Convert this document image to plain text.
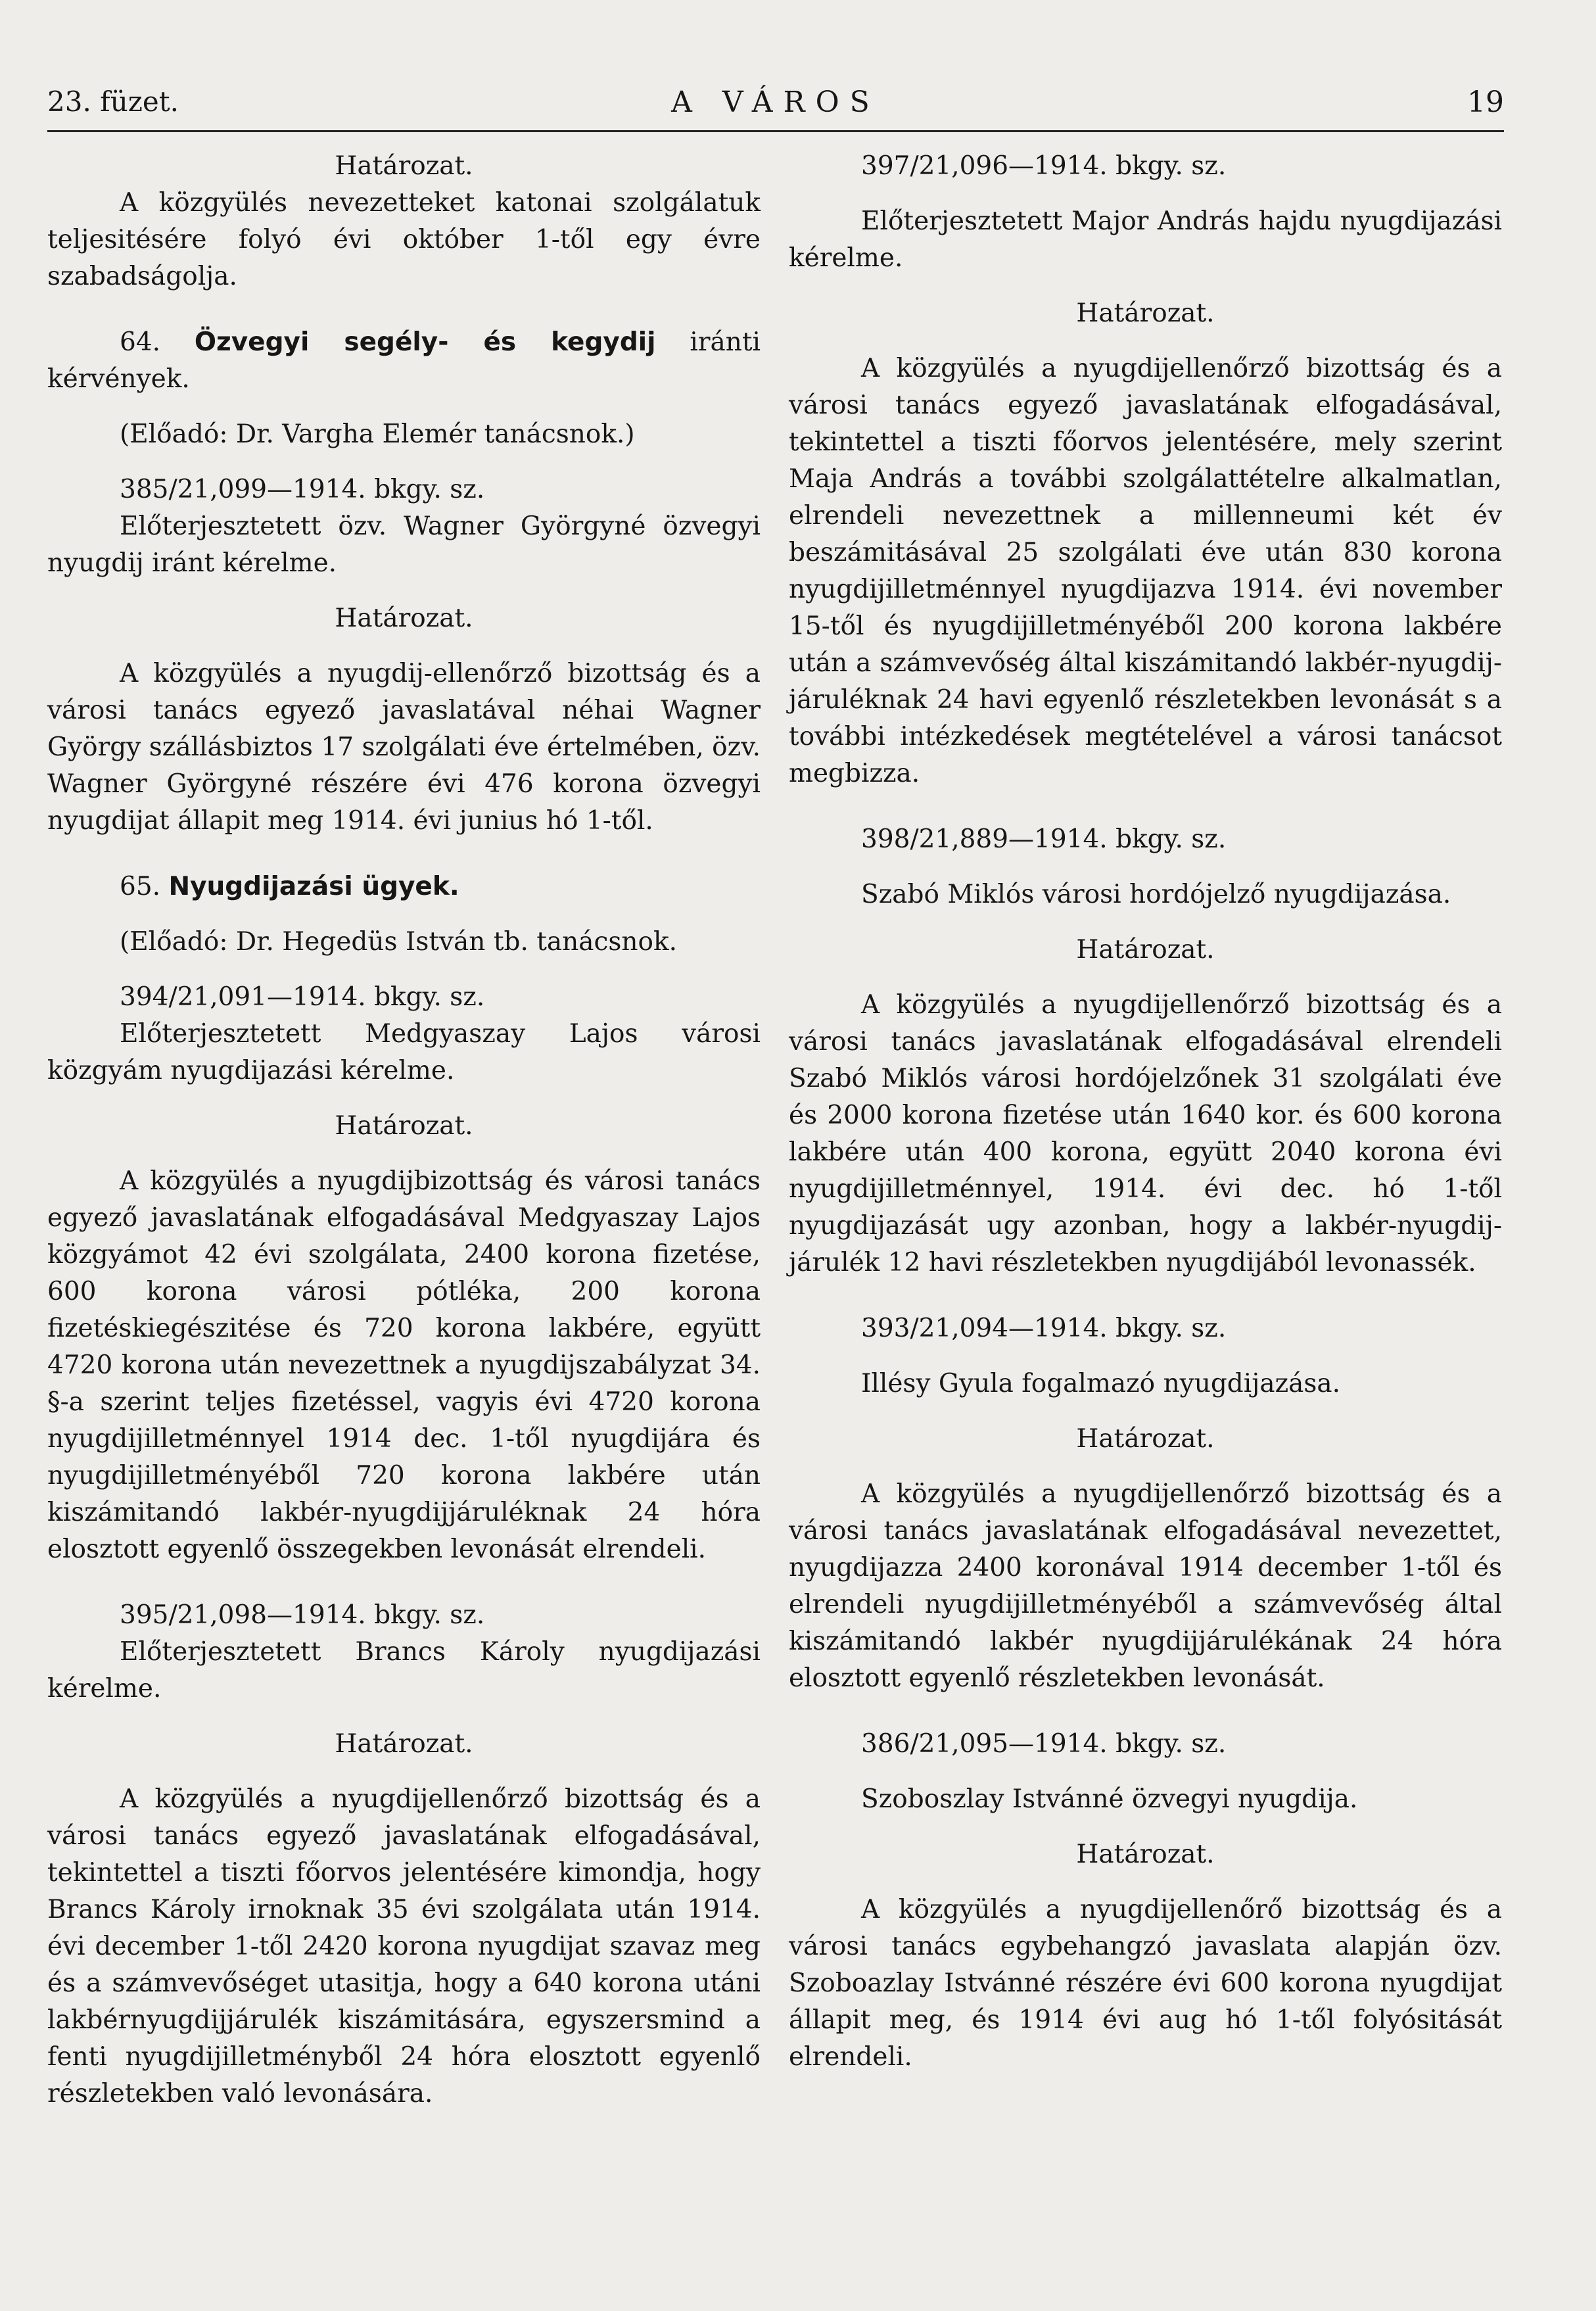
23. füzet.	A VÁROS	19

Határozat.

A közgyülés nevezetteket katonai szolgálatuk teljesitésére folyó évi október 1-től egy évre szabadságolja.

64. Özvegyi segély- és kegydij iránti kérvények.

(Előadó: Dr. Vargha Elemér tanácsnok.)

385/21,099—1914. bkgy. sz.

Előterjesztetett özv. Wagner Györgyné özvegyi nyugdij iránt kérelme.

Határozat.

A közgyülés a nyugdij-ellenőrző bizottság és a városi tanács egyező javaslatával néhai Wagner György szállásbiztos 17 szolgálati éve értelmében, özv. Wagner Györgyné részére évi 476 korona özvegyi nyugdijat állapit meg 1914. évi junius hó 1-től.

65. Nyugdijazási ügyek.

(Előadó: Dr. Hegedüs István tb. tanácsnok.

394/21,091—1914. bkgy. sz.

Előterjesztetett Medgyaszay Lajos városi közgyám nyugdijazási kérelme.

Határozat.

A közgyülés a nyugdijbizottság és városi tanács egyező javaslatának elfogadásával Medgyaszay Lajos közgyámot 42 évi szolgálata, 2400 korona fizetése, 600 korona városi pótléka, 200 korona fizetéskiegészitése és 720 korona lakbére, együtt 4720 korona után nevezettnek a nyugdijszabályzat 34. §-a szerint teljes fizetéssel, vagyis évi 4720 korona nyugdijilletménnyel 1914 dec. 1-től nyugdijára és nyugdijilletményéből 720 korona lakbére után kiszámitandó lakbér-nyugdijjáruléknak 24 hóra elosztott egyenlő összegekben levonását elrendeli.

395/21,098—1914. bkgy. sz.

Előterjesztetett Brancs Károly nyugdijazási kérelme.

Határozat.

A közgyülés a nyugdijellenőrző bizottság és a városi tanács egyező javaslatának elfogadásával, tekintettel a tiszti főorvos jelentésére kimondja, hogy Brancs Károly irnoknak 35 évi szolgálata után 1914. évi december 1-től 2420 korona nyugdijat szavaz meg és a számvevőséget utasitja, hogy a 640 korona utáni lakbérnyugdijjárulék kiszámitására, egyszersmind a fenti nyugdijilletményből 24 hóra elosztott egyenlő részletekben való levonására.

397/21,096—1914. bkgy. sz.

Előterjesztetett Major András hajdu nyugdijazási kérelme.

Határozat.

A közgyülés a nyugdijellenőrző bizottság és a városi tanács egyező javaslatának elfogadásával, tekintettel a tiszti főorvos jelentésére, mely szerint Maja András a további szolgálattételre alkalmatlan, elrendeli nevezettnek a millenneumi két év beszámitásával 25 szolgálati éve után 830 korona nyugdijilletménnyel nyugdijazva 1914. évi november 15-től és nyugdijilletményéből 200 korona lakbére után a számvevőség által kiszámitandó lakbér-nyugdij-járuléknak 24 havi egyenlő részletekben levonását s a további intézkedések megtételével a városi tanácsot megbizza.

398/21,889—1914. bkgy. sz.

Szabó Miklós városi hordójelző nyugdijazása.

Határozat.

A közgyülés a nyugdijellenőrző bizottság és a városi tanács javaslatának elfogadásával elrendeli Szabó Miklós városi hordójelzőnek 31 szolgálati éve és 2000 korona fizetése után 1640 kor. és 600 korona lakbére után 400 korona, együtt 2040 korona évi nyugdijilletménnyel, 1914. évi dec. hó 1-től nyugdijazását ugy azonban, hogy a lakbér-nyugdij-járulék 12 havi részletekben nyugdijából levonassék.

393/21,094—1914. bkgy. sz.

Illésy Gyula fogalmazó nyugdijazása.

Határozat.

A közgyülés a nyugdijellenőrző bizottság és a városi tanács javaslatának elfogadásával nevezettet, nyugdijazza 2400 koronával 1914 december 1-től és elrendeli nyugdijilletményéből a számvevőség által kiszámitandó lakbér nyugdijjárulékának 24 hóra elosztott egyenlő részletekben levonását.

386/21,095—1914. bkgy. sz.

Szoboszlay Istvánné özvegyi nyugdija.

Határozat.

A közgyülés a nyugdijellenőrő bizottság és a városi tanács egybehangzó javaslata alapján özv. Szoboazlay Istvánné részére évi 600 korona nyugdijat állapit meg, és 1914 évi aug hó 1-től folyósitását elrendeli.
